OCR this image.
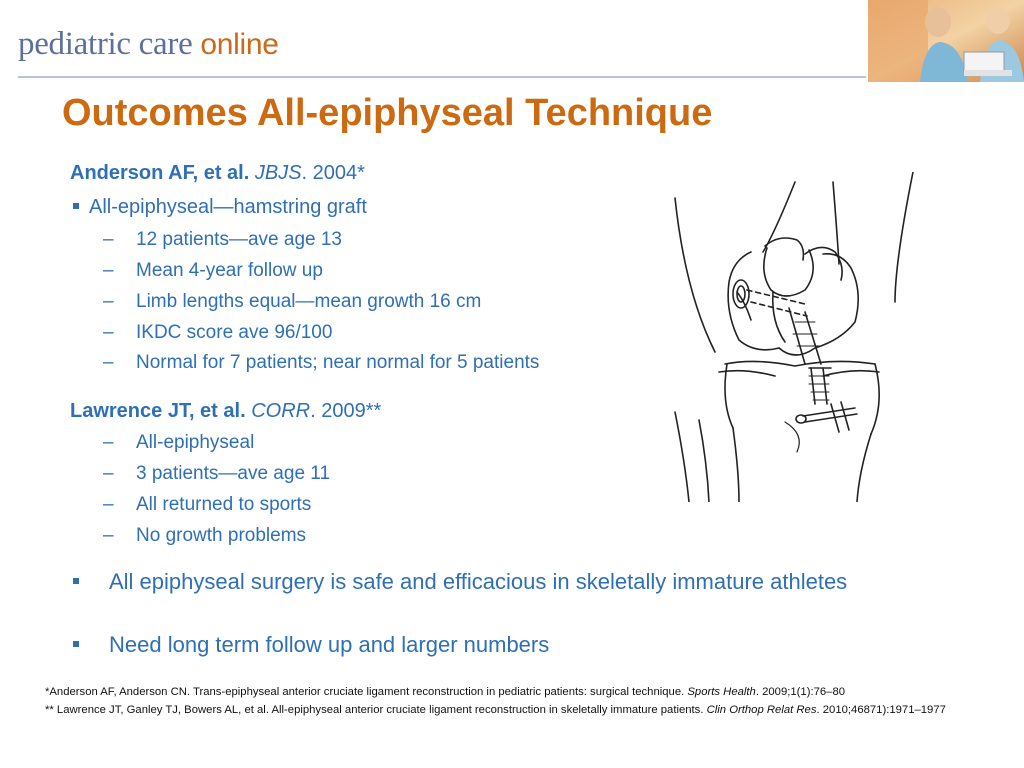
pediatric care online
Outcomes All-epiphyseal Technique
Anderson AF, et al. JBJS. 2004*
All-epiphyseal—hamstring graft
– 12 patients—ave age 13
– Mean 4-year follow up
– Limb lengths equal—mean growth 16 cm
– IKDC score ave 96/100
– Normal for 7 patients; near normal for 5 patients
Lawrence JT, et al. CORR. 2009**
– All-epiphyseal
– 3 patients—ave age 11
– All returned to sports
– No growth problems
All epiphyseal surgery is safe and efficacious in skeletally immature athletes
Need long term follow up and larger numbers
*Anderson AF, Anderson CN. Trans-epiphyseal anterior cruciate ligament reconstruction in pediatric patients: surgical technique. Sports Health. 2009;1(1):76–80
** Lawrence JT, Ganley TJ, Bowers AL, et al. All-epiphyseal anterior cruciate ligament reconstruction in skeletally immature patients. Clin Orthop Relat Res. 2010;46871):1971–1977
